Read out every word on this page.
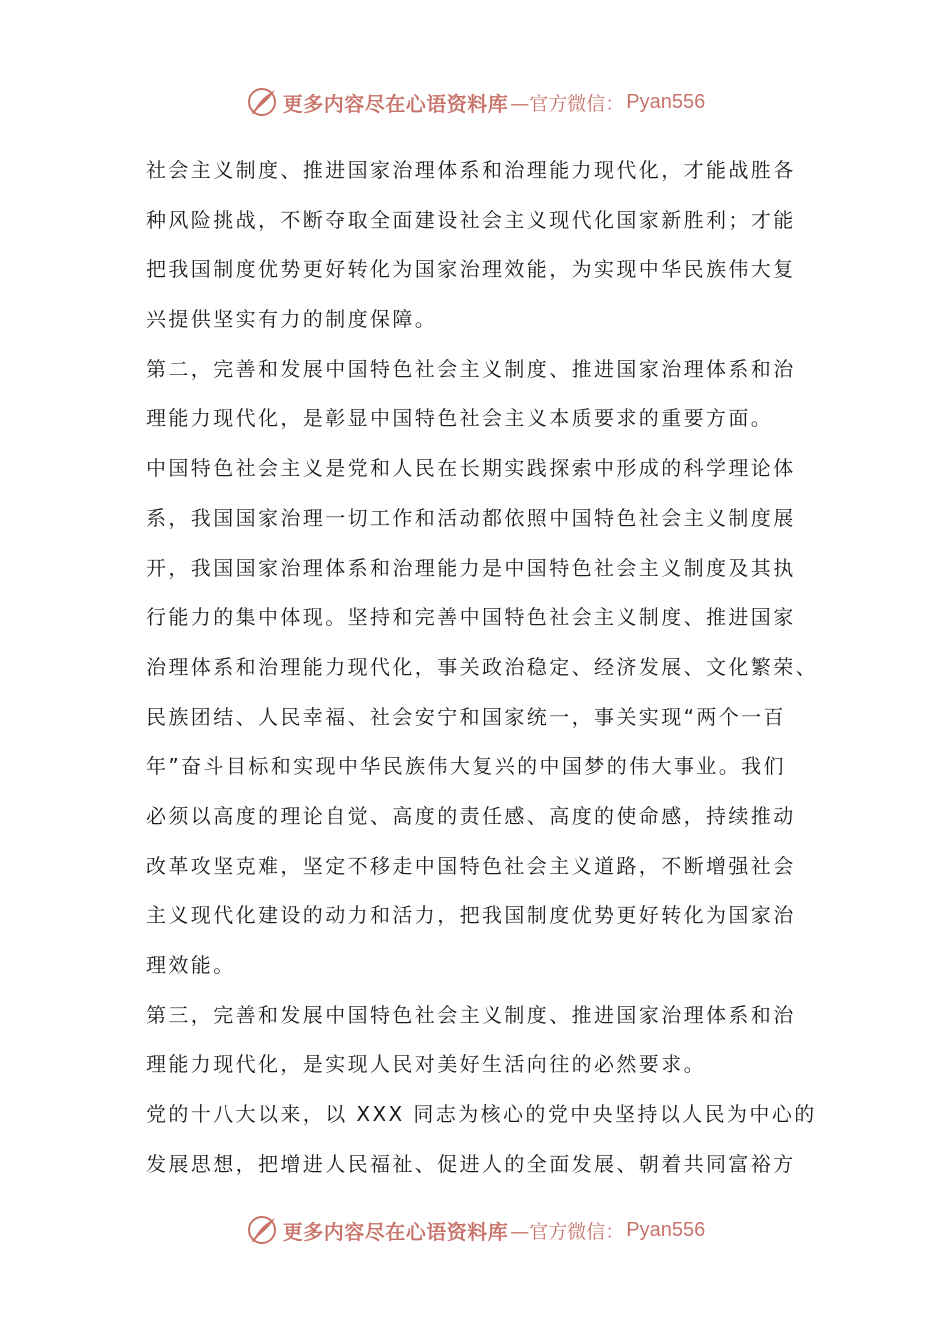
更多内容尽在心语资料库 —官方微信： Pyan556
社会主义制度、推进国家治理体系和治理能力现代化，才能战胜各
种风险挑战，不断夺取全面建设社会主义现代化国家新胜利；才能
把我国制度优势更好转化为国家治理效能，为实现中华民族伟大复
兴提供坚实有力的制度保障。
第二，完善和发展中国特色社会主义制度、推进国家治理体系和治
理能力现代化，是彰显中国特色社会主义本质要求的重要方面。
中国特色社会主义是党和人民在长期实践探索中形成的科学理论体
系，我国国家治理一切工作和活动都依照中国特色社会主义制度展
开，我国国家治理体系和治理能力是中国特色社会主义制度及其执
行能力的集中体现。坚持和完善中国特色社会主义制度、推进国家
治理体系和治理能力现代化，事关政治稳定、经济发展、文化繁荣、
民族团结、人民幸福、社会安宁和国家统一，事关实现“两个一百
年”奋斗目标和实现中华民族伟大复兴的中国梦的伟大事业。我们
必须以高度的理论自觉、高度的责任感、高度的使命感，持续推动
改革攻坚克难，坚定不移走中国特色社会主义道路，不断增强社会
主义现代化建设的动力和活力，把我国制度优势更好转化为国家治
理效能。
第三，完善和发展中国特色社会主义制度、推进国家治理体系和治
理能力现代化，是实现人民对美好生活向往的必然要求。
党的十八大以来，以 XXX 同志为核心的党中央坚持以人民为中心的
发展思想，把增进人民福祉、促进人的全面发展、朝着共同富裕方
更多内容尽在心语资料库 —官方微信： Pyan556
